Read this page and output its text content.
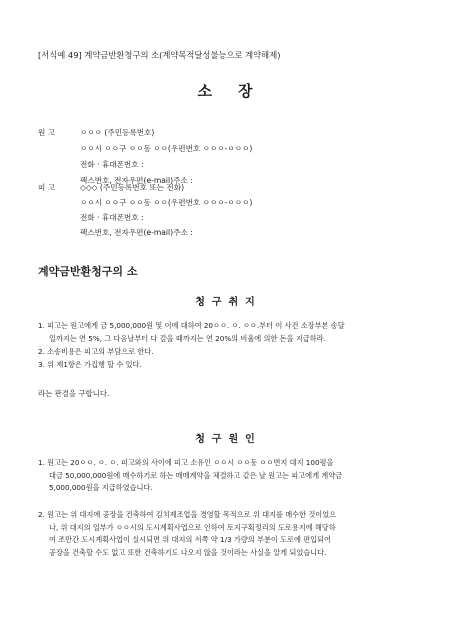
[서식예 49] 계약금반환청구의 소(계약목적달성불능으로 계약해제)
소     장
원 고	ㅇㅇㅇ (주민등록번호)
ㅇㅇ시 ㅇㅇ구 ㅇㅇ동 ㅇㅇ(우편번호 ㅇㅇㅇ-ㅇㅇㅇ)
전화 · 휴대폰번호 :
팩스번호, 전자우편(e-mail)주소 :
피 고	◇◇◇ (주민등록번호 또는 전화)
ㅇㅇ시 ㅇㅇ구 ㅇㅇ동 ㅇㅇ(우편번호 ㅇㅇㅇ-ㅇㅇㅇ)
전화 · 휴대폰번호 :
팩스번호, 전자우편(e-mail)주소 :
계약금반환청구의 소
청  구  취  지
1. 피고는 원고에게 금 5,000,000원 및 이에 대하여 20ㅇㅇ. ㅇ. ㅇㅇ.부터 이 사건 소장부본 송달
일까지는 연 5%, 그 다음날부터 다 갚을 때까지는 연 20%의 비율에 의한 돈을 지급하라.
2. 소송비용은 피고의 부담으로 한다.
3. 위 제1항은 가집행 할 수 있다.
라는 판결을 구합니다.
청  구  원  인
1. 원고는 20ㅇㅇ. ㅇ. ㅇ. 피고와의 사이에 피고 소유인 ㅇㅇ시 ㅇㅇ동 ㅇㅇ번지 대지 100평을
대금 50,000,000원에 매수하기로 하는 매매계약을 체결하고 같은 날 원고는 피고에게 계약금
5,000,000원을 지급하였습니다.
2. 원고는 위 대지에 공장을 건축하여 김치제조업을 경영할 목적으로 위 대지를 매수한 것이었으
나, 위 대지의 일부가 ㅇㅇ시의 도시계획사업으로 인하여 토지구획정리의 도로용지에 해당하
여 조만간 도시계획사업이 실시되면 위 대지의 서쪽 약 1/3 가량의 부분이 도로에 편입되어
공장을 건축할 수도 없고 또한 건축하기도 나오지 않을 것이라는 사실을 알게 되었습니다.
